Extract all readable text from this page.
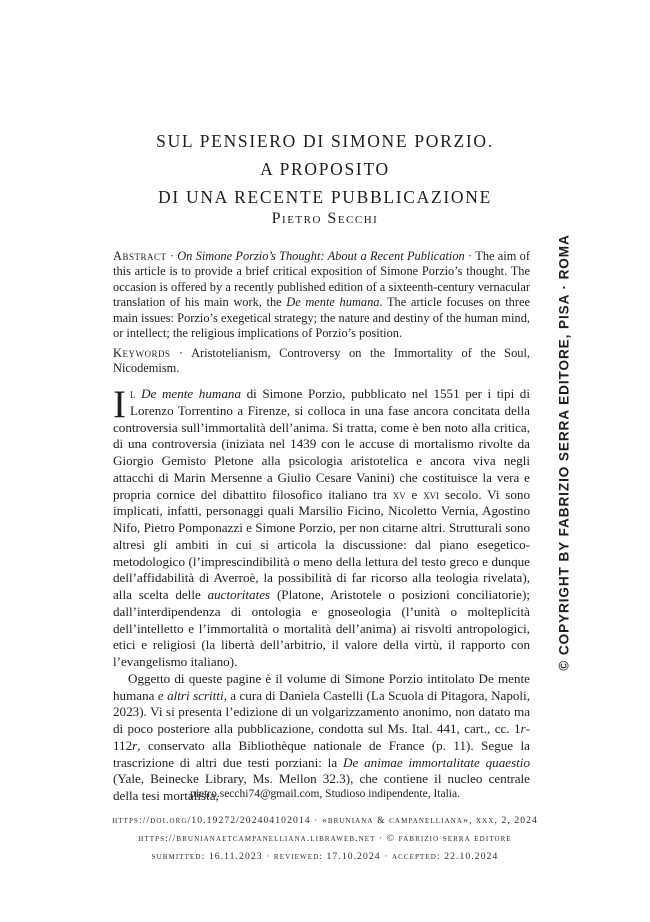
SUL PENSIERO DI SIMONE PORZIO.
A PROPOSITO
DI UNA RECENTE PUBBLICAZIONE
Pietro Secchi
Abstract · On Simone Porzio’s Thought: About a Recent Publication · The aim of this article is to provide a brief critical exposition of Simone Porzio’s thought. The occasion is offered by a recently published edition of a sixteenth-century vernacular translation of his main work, the De mente humana. The article focuses on three main issues: Porzio’s exegetical strategy; the nature and destiny of the human mind, or intellect; the religious implications of Porzio’s position.
Keywords · Aristotelianism, Controversy on the Immortality of the Soul, Nicodemism.

Il De mente humana di Simone Porzio, pubblicato nel 1551 per i tipi di Lorenzo Torrentino a Firenze, si colloca in una fase ancora concitata della controversia sull’immortalità dell’anima. Si tratta, come è ben noto alla critica, di una controversia (iniziata nel 1439 con le accuse di mortalismo rivolte da Giorgio Gemisto Pletone alla psicologia aristotelica e ancora viva negli attacchi di Marin Mersenne a Giulio Cesare Vanini) che costituisce la vera e propria cornice del dibattito filosofico italiano tra xv e xvi secolo. Vi sono implicati, infatti, personaggi quali Marsilio Ficino, Nicoletto Vernia, Agostino Nifo, Pietro Pomponazzi e Simone Porzio, per non citarne altri. Strutturali sono altresì gli ambiti in cui si articola la discussione: dal piano esegetico-metodologico (l’imprescindibilità o meno della lettura del testo greco e dunque dell’affidabilità di Averroè, la possibilità di far ricorso alla teologia rivelata), alla scelta delle auctoritates (Platone, Aristotele o posizioni conciliatorie); dall’interdipendenza di ontologia e gnoseologia (l’unità o molteplicità dell’intelletto e l’immortalità o mortalità dell’anima) ai risvolti antropologici, etici e religiosi (la libertà dell’arbitrio, il valore della virtù, il rapporto con l’evangelismo italiano).

Oggetto di queste pagine è il volume di Simone Porzio intitolato De mente humana e altri scritti, a cura di Daniela Castelli (La Scuola di Pitagora, Napoli, 2023). Vi si presenta l’edizione di un volgarizzamento anonimo, non datato ma di poco posteriore alla pubblicazione, condotta sul Ms. Ital. 441, cart., cc. 1r-112r, conservato alla Bibliothèque nationale de France (p. 11). Segue la trascrizione di altri due testi porziani: la De animae immortalitate quaestio (Yale, Beinecke Library, Ms. Mellon 32.3), che contiene il nucleo centrale della tesi mortalista,

© COPYRIGHT BY FABRIZIO SERRA EDITORE, PISA · ROMA
pietro.secchi74@gmail.com, Studioso indipendente, Italia.
https://doi.org/10.19272/202404102014 · «bruniana & campanelliana», xxx, 2, 2024
https://brunianaetcampanelliana.libraweb.net · © fabrizio serra editore
submitted: 16.11.2023 · reviewed: 17.10.2024 · accepted: 22.10.2024
